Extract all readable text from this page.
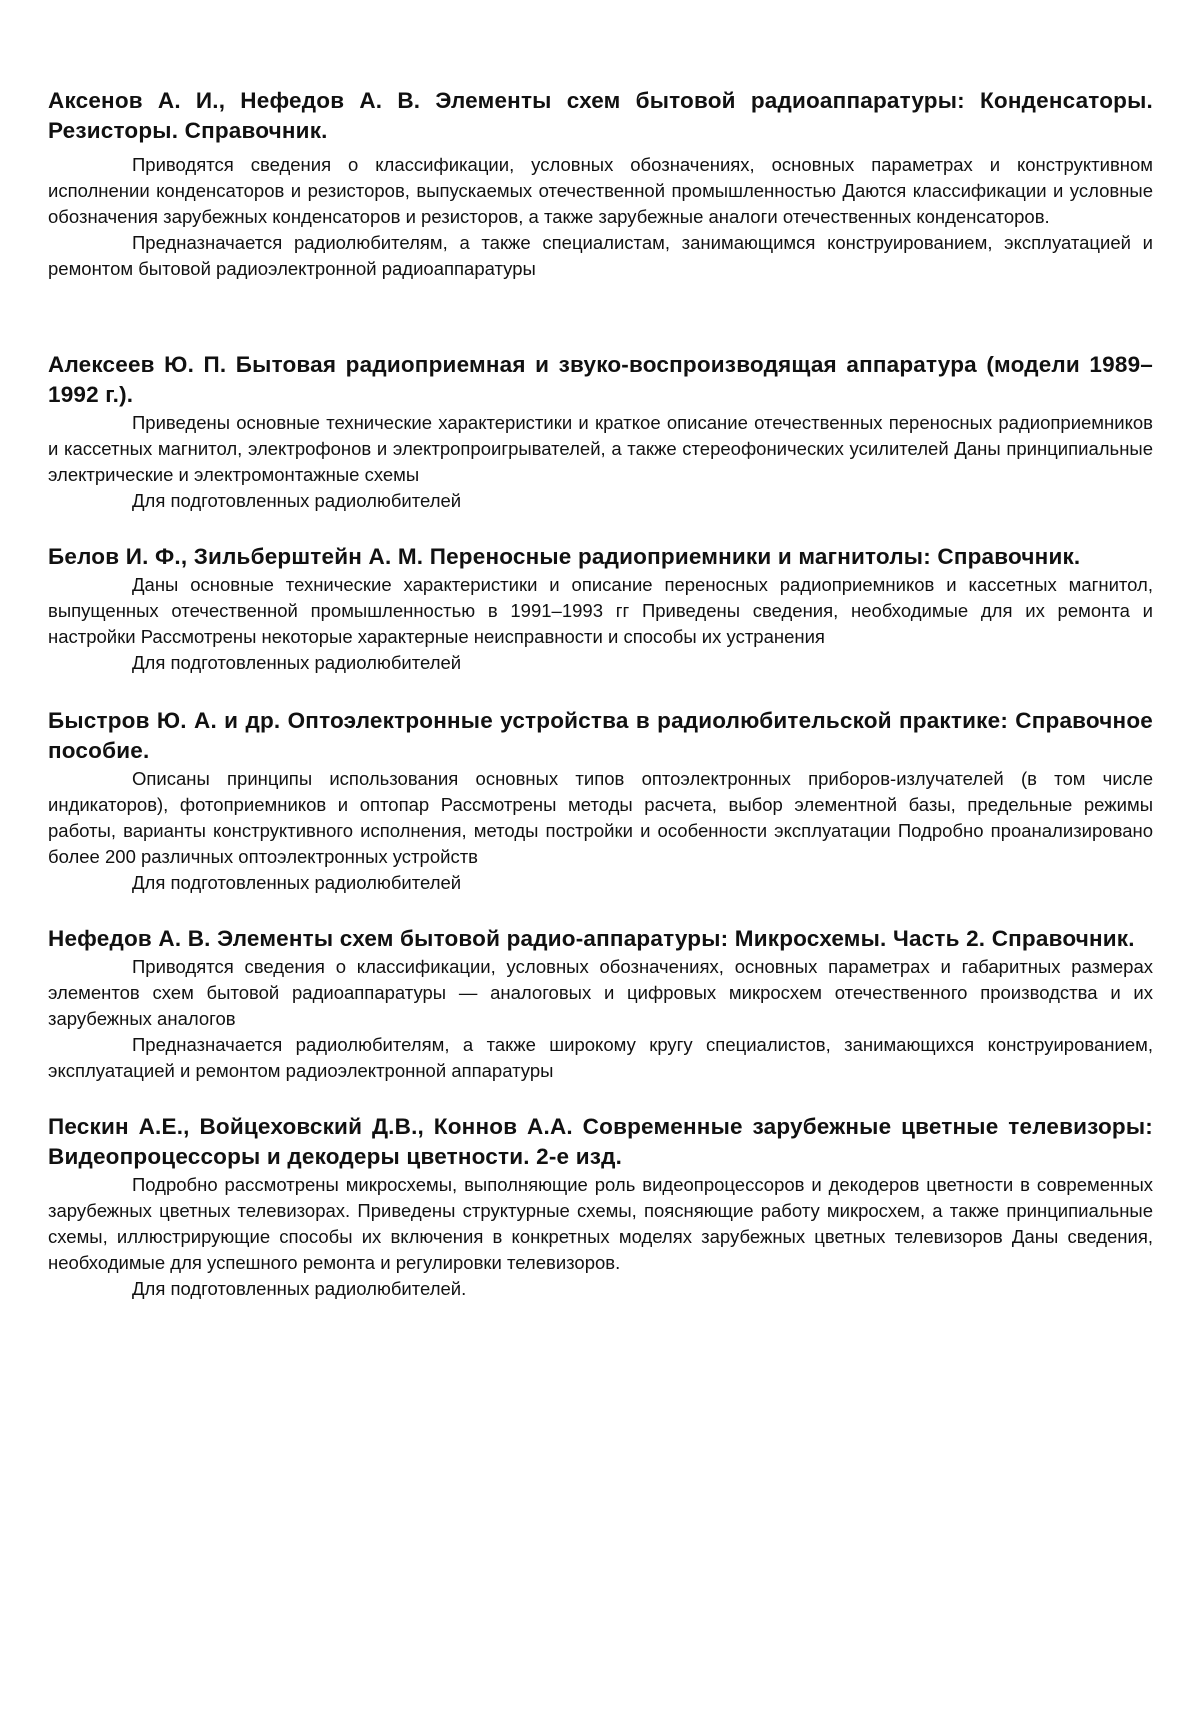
Аксенов А. И., Нефедов А. В. Элементы схем бытовой радиоаппаратуры: Конденсаторы. Резисторы. Справочник.

Приводятся сведения о классификации, условных обозначениях, основных параметрах и конструктивном исполнении конденсаторов и резисторов, выпускаемых отечественной промышленностью Даются классификации и условные обозначения зарубежных конденсаторов и резисторов, а также зарубежные аналоги отечественных конденсаторов.

Предназначается радиолюбителям, а также специалистам, занимающимся конструированием, эксплуатацией и ремонтом бытовой радиоэлектронной радиоаппаратуры

Алексеев Ю. П. Бытовая радиоприемная и звуко-воспроизводящая аппаратура (модели 1989–1992 г.).

Приведены основные технические характеристики и краткое описание отечественных переносных радиоприемников и кассетных магнитол, электрофонов и электропроигрывателей, а также стереофонических усилителей Даны принципиальные электрические и электромонтажные схемы

Для подготовленных радиолюбителей

Белов И. Ф., Зильберштейн А. М. Переносные радиоприемники и магнитолы: Справочник.

Даны основные технические характеристики и описание переносных радиоприемников и кассетных магнитол, выпущенных отечественной промышленностью в 1991–1993 гг Приведены сведения, необходимые для их ремонта и настройки Рассмотрены некоторые характерные неисправности и способы их устранения

Для подготовленных радиолюбителей

Быстров Ю. А. и др. Оптоэлектронные устройства в радиолюбительской практике: Справочное пособие.

Описаны принципы использования основных типов оптоэлектронных приборов-излучателей (в том числе индикаторов), фотоприемников и оптопар Рассмотрены методы расчета, выбор элементной базы, предельные режимы работы, варианты конструктивного исполнения, методы постройки и особенности эксплуатации Подробно проанализировано более 200 различных оптоэлектронных устройств

Для подготовленных радиолюбителей

Нефедов А. В. Элементы схем бытовой радио-аппаратуры: Микросхемы. Часть 2. Справочник.

Приводятся сведения о классификации, условных обозначениях, основных параметрах и габаритных размерах элементов схем бытовой радиоаппаратуры — аналоговых и цифровых микросхем отечественного производства и их зарубежных аналогов

Предназначается радиолюбителям, а также широкому кругу специалистов, занимающихся конструированием, эксплуатацией и ремонтом радиоэлектронной аппаратуры

Пескин А.Е., Войцеховский Д.В., Коннов А.А. Современные зарубежные цветные телевизоры: Видеопроцессоры и декодеры цветности. 2-е изд.

Подробно рассмотрены микросхемы, выполняющие роль видеопроцессоров и декодеров цветности в современных зарубежных цветных телевизорах. Приведены структурные схемы, поясняющие работу микросхем, а также принципиальные схемы, иллюстрирующие способы их включения в конкретных моделях зарубежных цветных телевизоров Даны сведения, необходимые для успешного ремонта и регулировки телевизоров.

Для подготовленных радиолюбителей.
